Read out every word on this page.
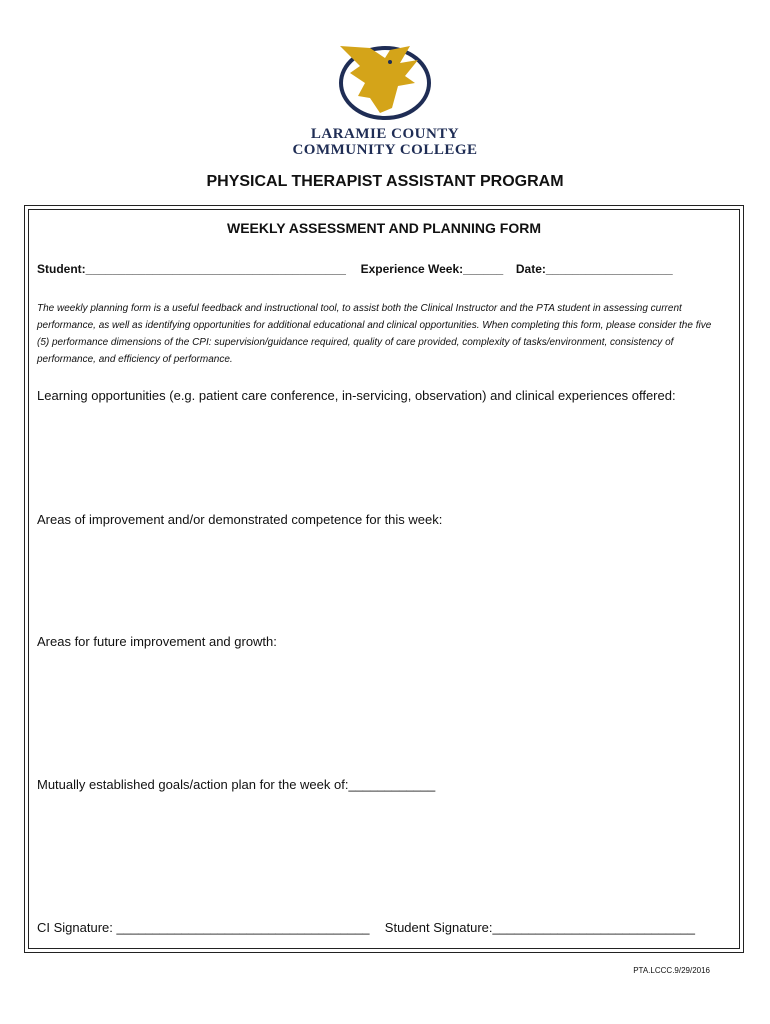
LARAMIE COUNTY
COMMUNITY COLLEGE
PHYSICAL THERAPIST ASSISTANT PROGRAM
WEEKLY ASSESSMENT AND PLANNING FORM
Student:_______________________________________ Experience Week:______ Date:___________________
The weekly planning form is a useful feedback and instructional tool, to assist both the Clinical Instructor and the PTA student in assessing current performance, as well as identifying opportunities for additional educational and clinical opportunities. When completing this form, please consider the five (5) performance dimensions of the CPI: supervision/guidance required, quality of care provided, complexity of tasks/environment, consistency of performance, and efficiency of performance.
Learning opportunities (e.g. patient care conference, in-servicing, observation) and clinical experiences offered:
Areas of improvement and/or demonstrated competence for this week:
Areas for future improvement and growth:
Mutually established goals/action plan for the week of:____________
CI Signature: ___________________________________ Student Signature:____________________________
PTA.LCCC.9/29/2016
